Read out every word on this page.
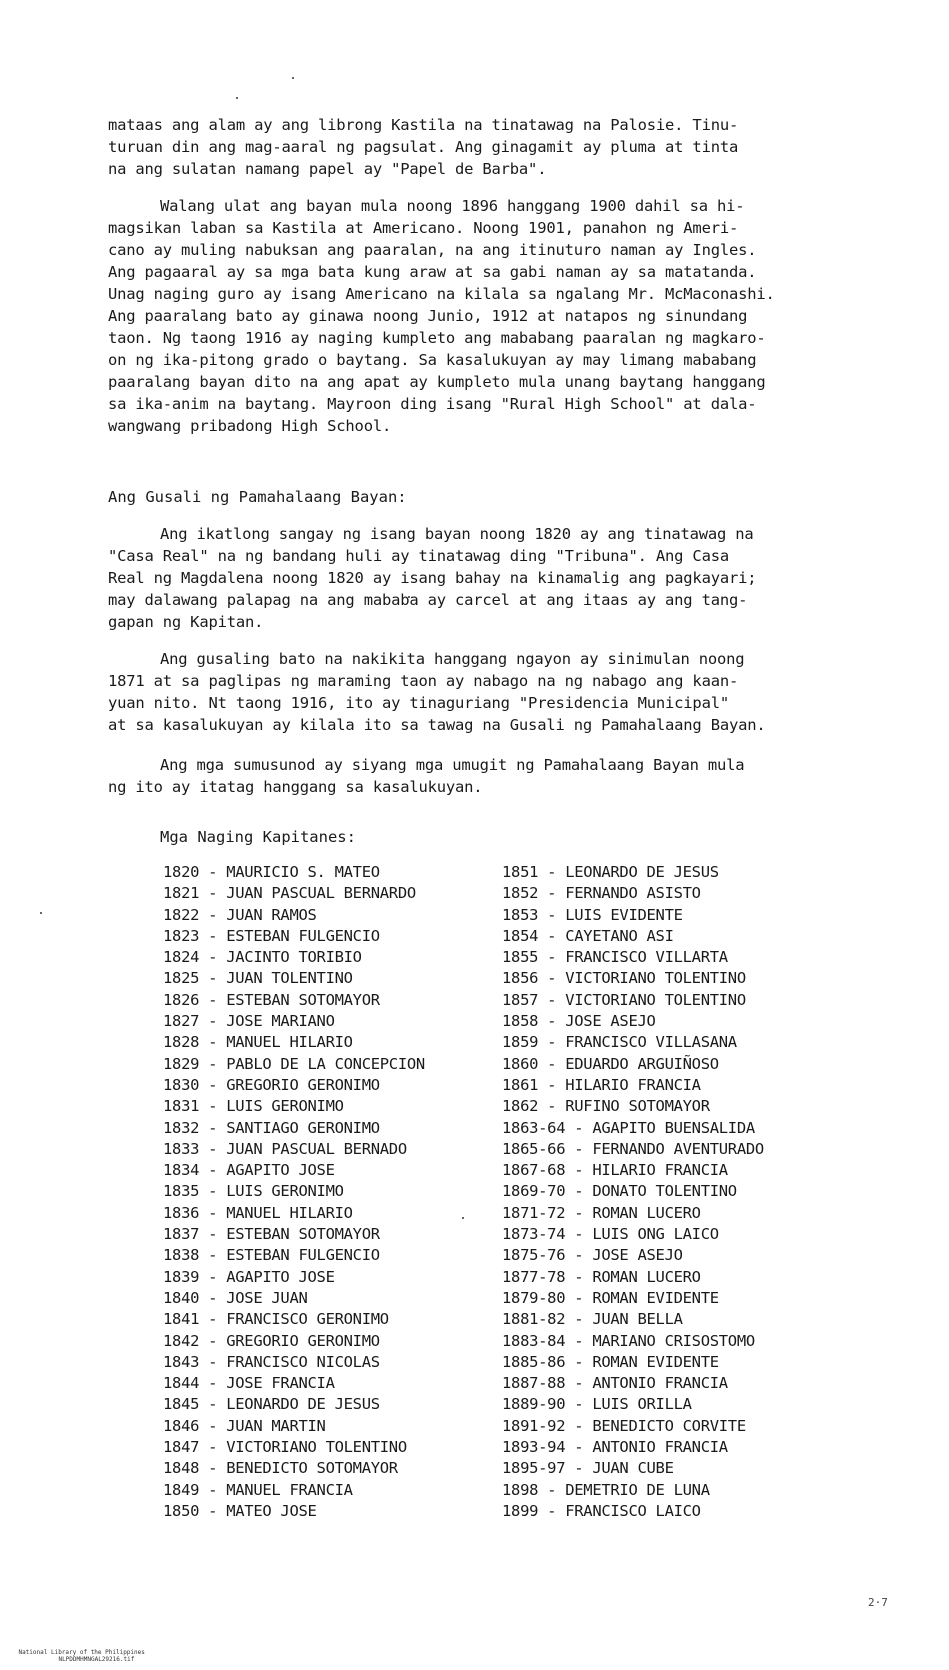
mataas ang alam ay ang librong Kastila na tinatawag na Palosie. Tinu-
turuan din ang mag-aaral ng pagsulat. Ang ginagamit ay pluma at tinta
na ang sulatan namang papel ay "Papel de Barba".

Walang ulat ang bayan mula noong 1896 hanggang 1900 dahil sa hi-
magsikan laban sa Kastila at Americano. Noong 1901, panahon ng Ameri-
cano ay muling nabuksan ang paaralan, na ang itinuturo naman ay Ingles.
Ang pagaaral ay sa mga bata kung araw at sa gabi naman ay sa matatanda.
Unag naging guro ay isang Americano na kilala sa ngalang Mr. McMaconashi.
Ang paaralang bato ay ginawa noong Junio, 1912 at natapos ng sinundang
taon. Ng taong 1916 ay naging kumpleto ang mababang paaralan ng magkaro-
on ng ika-pitong grado o baytang. Sa kasalukuyan ay may limang mababang
paaralang bayan dito na ang apat ay kumpleto mula unang baytang hanggang
sa ika-anim na baytang. Mayroon ding isang "Rural High School" at dala-
wangwang pribadong High School.

Ang Gusali ng Pamahalaang Bayan:

Ang ikatlong sangay ng isang bayan noong 1820 ay ang tinatawag na
"Casa Real" na ng bandang huli ay tinatawag ding "Tribuna". Ang Casa
Real ng Magdalena noong 1820 ay isang bahay na kinamalig ang pagkayari;
may dalawang palapag na ang mababa ay carcel at ang itaas ay ang tang-
gapan ng Kapitan.

Ang gusaling bato na nakikita hanggang ngayon ay sinimulan noong
1871 at sa paglipas ng maraming taon ay nabago na ng nabago ang kaan-
yuan nito. Nt taong 1916, ito ay tinaguriang "Presidencia Municipal"
at sa kasalukuyan ay kilala ito sa tawag na Gusali ng Pamahalaang Bayan.

Ang mga sumusunod ay siyang mga umugit ng Pamahalaang Bayan mula
ng ito ay itatag hanggang sa kasalukuyan.

Mga Naging Kapitanes:
1820 - MAURICIO S. MATEO
1821 - JUAN PASCUAL BERNARDO
1822 - JUAN RAMOS
1823 - ESTEBAN FULGENCIO
1824 - JACINTO TORIBIO
1825 - JUAN TOLENTINO
1826 - ESTEBAN SOTOMAYOR
1827 - JOSE MARIANO
1828 - MANUEL HILARIO
1829 - PABLO DE LA CONCEPCION
1830 - GREGORIO GERONIMO
1831 - LUIS GERONIMO
1832 - SANTIAGO GERONIMO
1833 - JUAN PASCUAL BERNADO
1834 - AGAPITO JOSE
1835 - LUIS GERONIMO
1836 - MANUEL HILARIO
1837 - ESTEBAN SOTOMAYOR
1838 - ESTEBAN FULGENCIO
1839 - AGAPITO JOSE
1840 - JOSE JUAN
1841 - FRANCISCO GERONIMO
1842 - GREGORIO GERONIMO
1843 - FRANCISCO NICOLAS
1844 - JOSE FRANCIA
1845 - LEONARDO DE JESUS
1846 - JUAN MARTIN
1847 - VICTORIANO TOLENTINO
1848 - BENEDICTO SOTOMAYOR
1849 - MANUEL FRANCIA
1850 - MATEO JOSE
1851 - LEONARDO DE JESUS
1852 - FERNANDO ASISTO
1853 - LUIS EVIDENTE
1854 - CAYETANO ASI
1855 - FRANCISCO VILLARTA
1856 - VICTORIANO TOLENTINO
1857 - VICTORIANO TOLENTINO
1858 - JOSE ASEJO
1859 - FRANCISCO VILLASANA
1860 - EDUARDO ARGUIÑOSO
1861 - HILARIO FRANCIA
1862 - RUFINO SOTOMAYOR
1863-64 - AGAPITO BUENSALIDA
1865-66 - FERNANDO AVENTURADO
1867-68 - HILARIO FRANCIA
1869-70 - DONATO TOLENTINO
1871-72 - ROMAN LUCERO
1873-74 - LUIS ONG LAICO
1875-76 - JOSE ASEJO
1877-78 - ROMAN LUCERO
1879-80 - ROMAN EVIDENTE
1881-82 - JUAN BELLA
1883-84 - MARIANO CRISOSTOMO
1885-86 - ROMAN EVIDENTE
1887-88 - ANTONIO FRANCIA
1889-90 - LUIS ORILLA
1891-92 - BENEDICTO CORVITE
1893-94 - ANTONIO FRANCIA
1895-97 - JUAN CUBE
1898 - DEMETRIO DE LUNA
1899 - FRANCISCO LAICO
2·7

National Library of the Philippines
NLPDDMHMNGAL29216.tif
